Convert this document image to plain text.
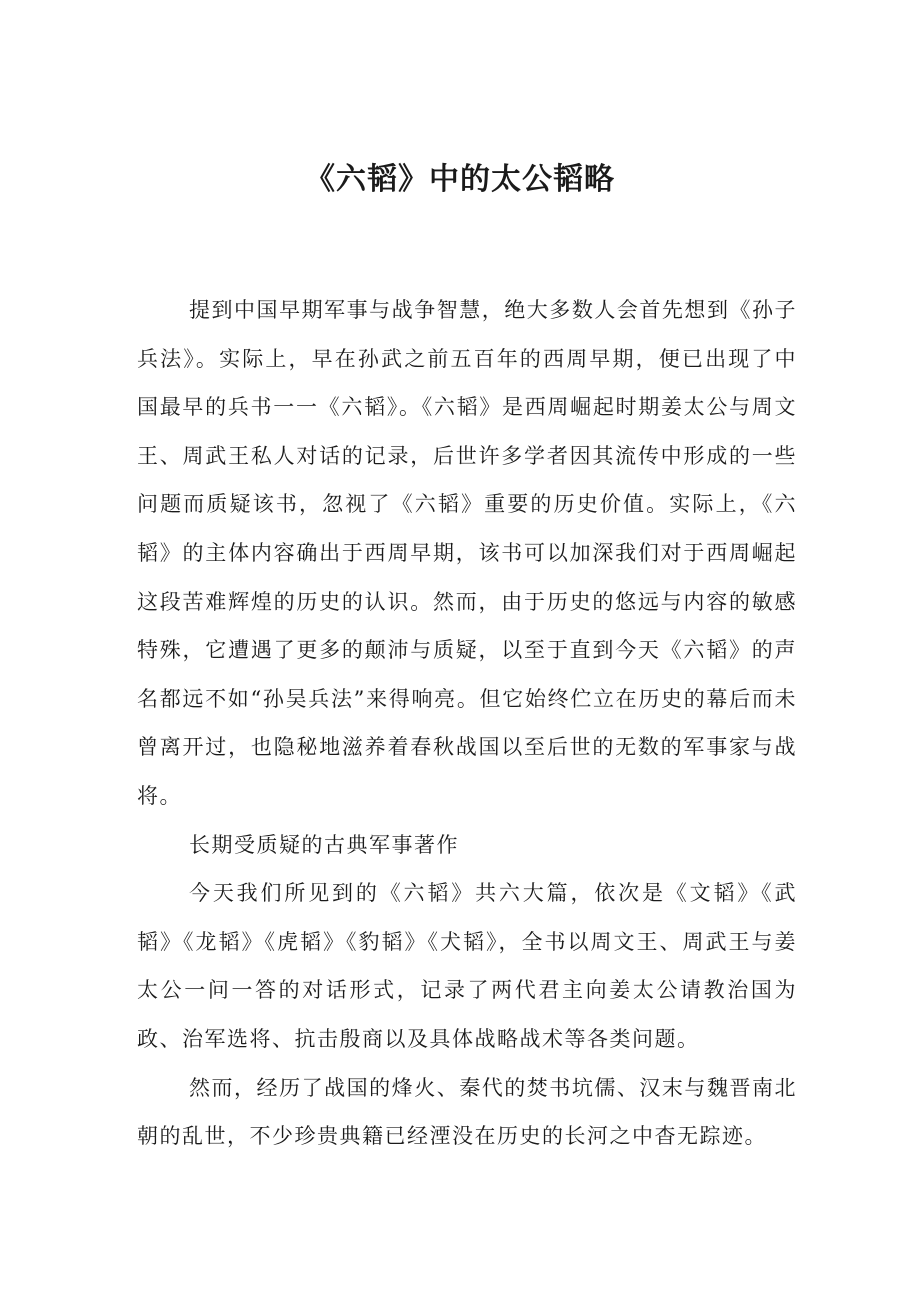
《六韬》中的太公韬略

提到中国早期军事与战争智慧，绝大多数人会首先想到《孙子兵法》。实际上，早在孙武之前五百年的西周早期，便已出现了中国最早的兵书一一《六韬》。《六韬》是西周崛起时期姜太公与周文王、周武王私人对话的记录，后世许多学者因其流传中形成的一些问题而质疑该书，忽视了《六韬》重要的历史价值。实际上，《六韬》的主体内容确出于西周早期，该书可以加深我们对于西周崛起这段苦难辉煌的历史的认识。然而，由于历史的悠远与内容的敏感特殊，它遭遇了更多的颠沛与质疑，以至于直到今天《六韬》的声名都远不如“孙吴兵法”来得响亮。但它始终伫立在历史的幕后而未曾离开过，也隐秘地滋养着春秋战国以至后世的无数的军事家与战将。

长期受质疑的古典军事著作

今天我们所见到的《六韬》共六大篇，依次是《文韬》《武韬》《龙韬》《虎韬》《豹韬》《犬韬》，全书以周文王、周武王与姜太公一问一答的对话形式，记录了两代君主向姜太公请教治国为政、治军选将、抗击殷商以及具体战略战术等各类问题。

然而，经历了战国的烽火、秦代的焚书坑儒、汉末与魏晋南北朝的乱世，不少珍贵典籍已经湮没在历史的长河之中杳无踪迹。
